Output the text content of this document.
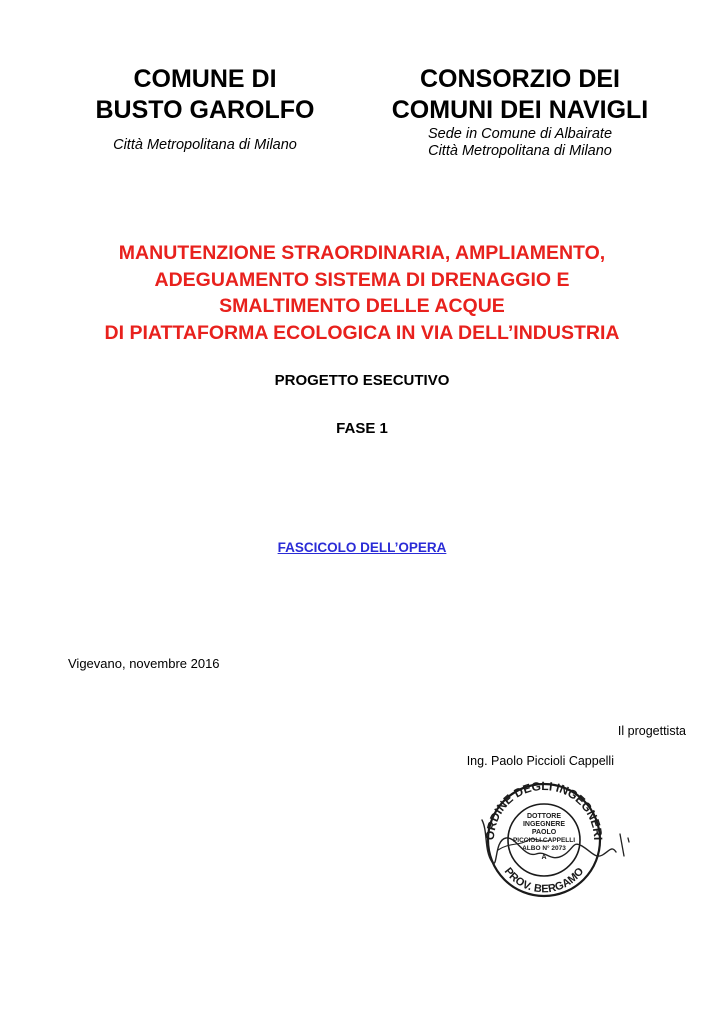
COMUNE DI

BUSTO GAROLFO

Città Metropolitana di Milano

CONSORZIO DEI

COMUNI DEI NAVIGLI

Sede in Comune di Albairate

Città Metropolitana di Milano

MANUTENZIONE STRAORDINARIA, AMPLIAMENTO,
ADEGUAMENTO SISTEMA DI DRENAGGIO E
SMALTIMENTO DELLE ACQUE
DI PIATTAFORMA ECOLOGICA IN VIA DELL’INDUSTRIA
PROGETTO ESECUTIVO
FASE 1
FASCICOLO DELL’OPERA
Vigevano, novembre 2016
Il progettista
Ing. Paolo Piccioli Cappelli
ORDINE DEGLI INGEGNERI
PROV. BERGAMO
DOTTORE
INGEGNERE
PAOLO
PICCIOLI CAPPELLI
ALBO N° 2073
A
